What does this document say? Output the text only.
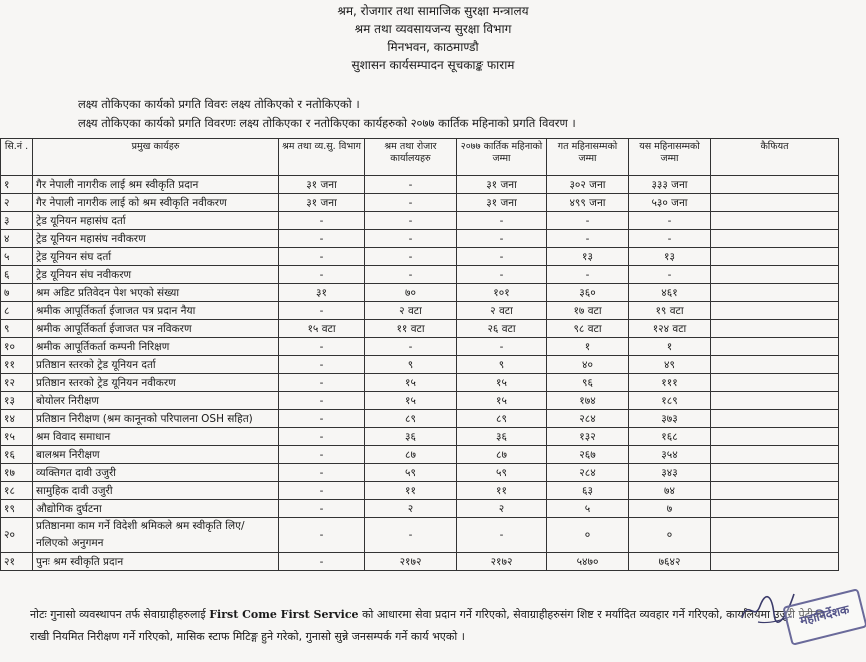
श्रम, रोजगार तथा सामाजिक सुरक्षा मन्त्रालय
श्रम तथा व्यवसायजन्य सुरक्षा विभाग
मिनभवन, काठमाण्डौ
सुशासन कार्यसम्पादन सूचकाङ्क फाराम
लक्ष्य तोकिएका कार्यको प्रगति विवरः लक्ष्य तोकिएको र नतोकिएको ।
लक्ष्य तोकिएका कार्यको प्रगति विवरणः लक्ष्य तोकिएका र नतोकिएका कार्यहरुको २०७७ कार्तिक महिनाको प्रगति विवरण ।
सि.नं .	प्रमुख कार्यहरु	श्रम तथा व्य.सु. विभाग	श्रम तथा रोजार कार्यालयहरु	२०७७ कार्तिक महिनाको जम्मा	गत महिनासम्मको जम्मा	यस महिनासम्मको जम्मा	कैफियत
१	गैर नेपाली नागरीक लाई श्रम स्वीकृति प्रदान	३१ जना	-	३१ जना	३०२ जना	३३३ जना	
२	गैर नेपाली नागरीक लाई को श्रम स्वीकृति नवीकरण	३१ जना	-	३१ जना	४९९ जना	५३० जना	
३	ट्रेड यूनियन महासंघ दर्ता	-	-	-	-	-	
४	ट्रेड यूनियन महासंघ नवीकरण	-	-	-	-	-	
५	ट्रेड यूनियन संघ दर्ता	-	-	-	१३	१३	
६	ट्रेड यूनियन संघ नवीकरण	-	-	-	-	-	
७	श्रम अडिट प्रतिवेदन पेश भएको संख्या	३१	७०	१०१	३६०	४६१	
८	श्रमीक आपूर्तिकर्ता ईजाजत पत्र प्रदान नैया	-	२ वटा	२ वटा	१७ वटा	१९ वटा	
९	श्रमीक आपूर्तिकर्ता ईजाजत पत्र नविकरण	१५ वटा	११ वटा	२६ वटा	९८ वटा	१२४ वटा	
१०	श्रमीक आपूर्तिकर्ता कम्पनी निरिक्षण	-	-	-	१	१	
११	प्रतिष्ठान स्तरको ट्रेड यूनियन दर्ता	-	९	९	४०	४९	
१२	प्रतिष्ठान स्तरको ट्रेड यूनियन नवीकरण	-	१५	१५	९६	१११	
१३	बोयोलर निरीक्षण	-	१५	१५	१७४	१८९	
१४	प्रतिष्ठान निरीक्षण (श्रम कानूनको परिपालना OSH सहित)	-	८९	८९	२८४	३७३	
१५	श्रम विवाद समाधान	-	३६	३६	१३२	१६८	
१६	बालश्रम निरीक्षण	-	८७	८७	२६७	३५४	
१७	व्यक्तिगत दावी उजुरी	-	५९	५९	२८४	३४३	
१८	सामुहिक दावी उजुरी	-	११	११	६३	७४	
१९	औद्योगिक दुर्घटना	-	२	२	५	७	
२०	प्रतिष्ठानमा काम गर्ने विदेशी श्रमिकले श्रम स्वीकृति लिए/नलिएको अनुगमन	-	-	-	०	०	
२१	पुनः श्रम स्वीकृति प्रदान	-	२१७२	२१७२	५४७०	७६४२	
नोटः गुनासो व्यवस्थापन तर्फ सेवाग्राहीहरुलाई First Come First Service को आधारमा सेवा प्रदान गर्ने गरिएको, सेवाग्राहीहरुसंग शिष्ट र मर्यादित व्यवहार गर्ने गरिएको, कार्यालयमा उजुरी पेटीका राखी नियमित निरीक्षण गर्ने गरिएको, मासिक स्टाफ मिटिङ्ग हुने गरेको, गुनासो सुन्ने जनसम्पर्क गर्ने कार्य भएको ।
महानिर्देशक
